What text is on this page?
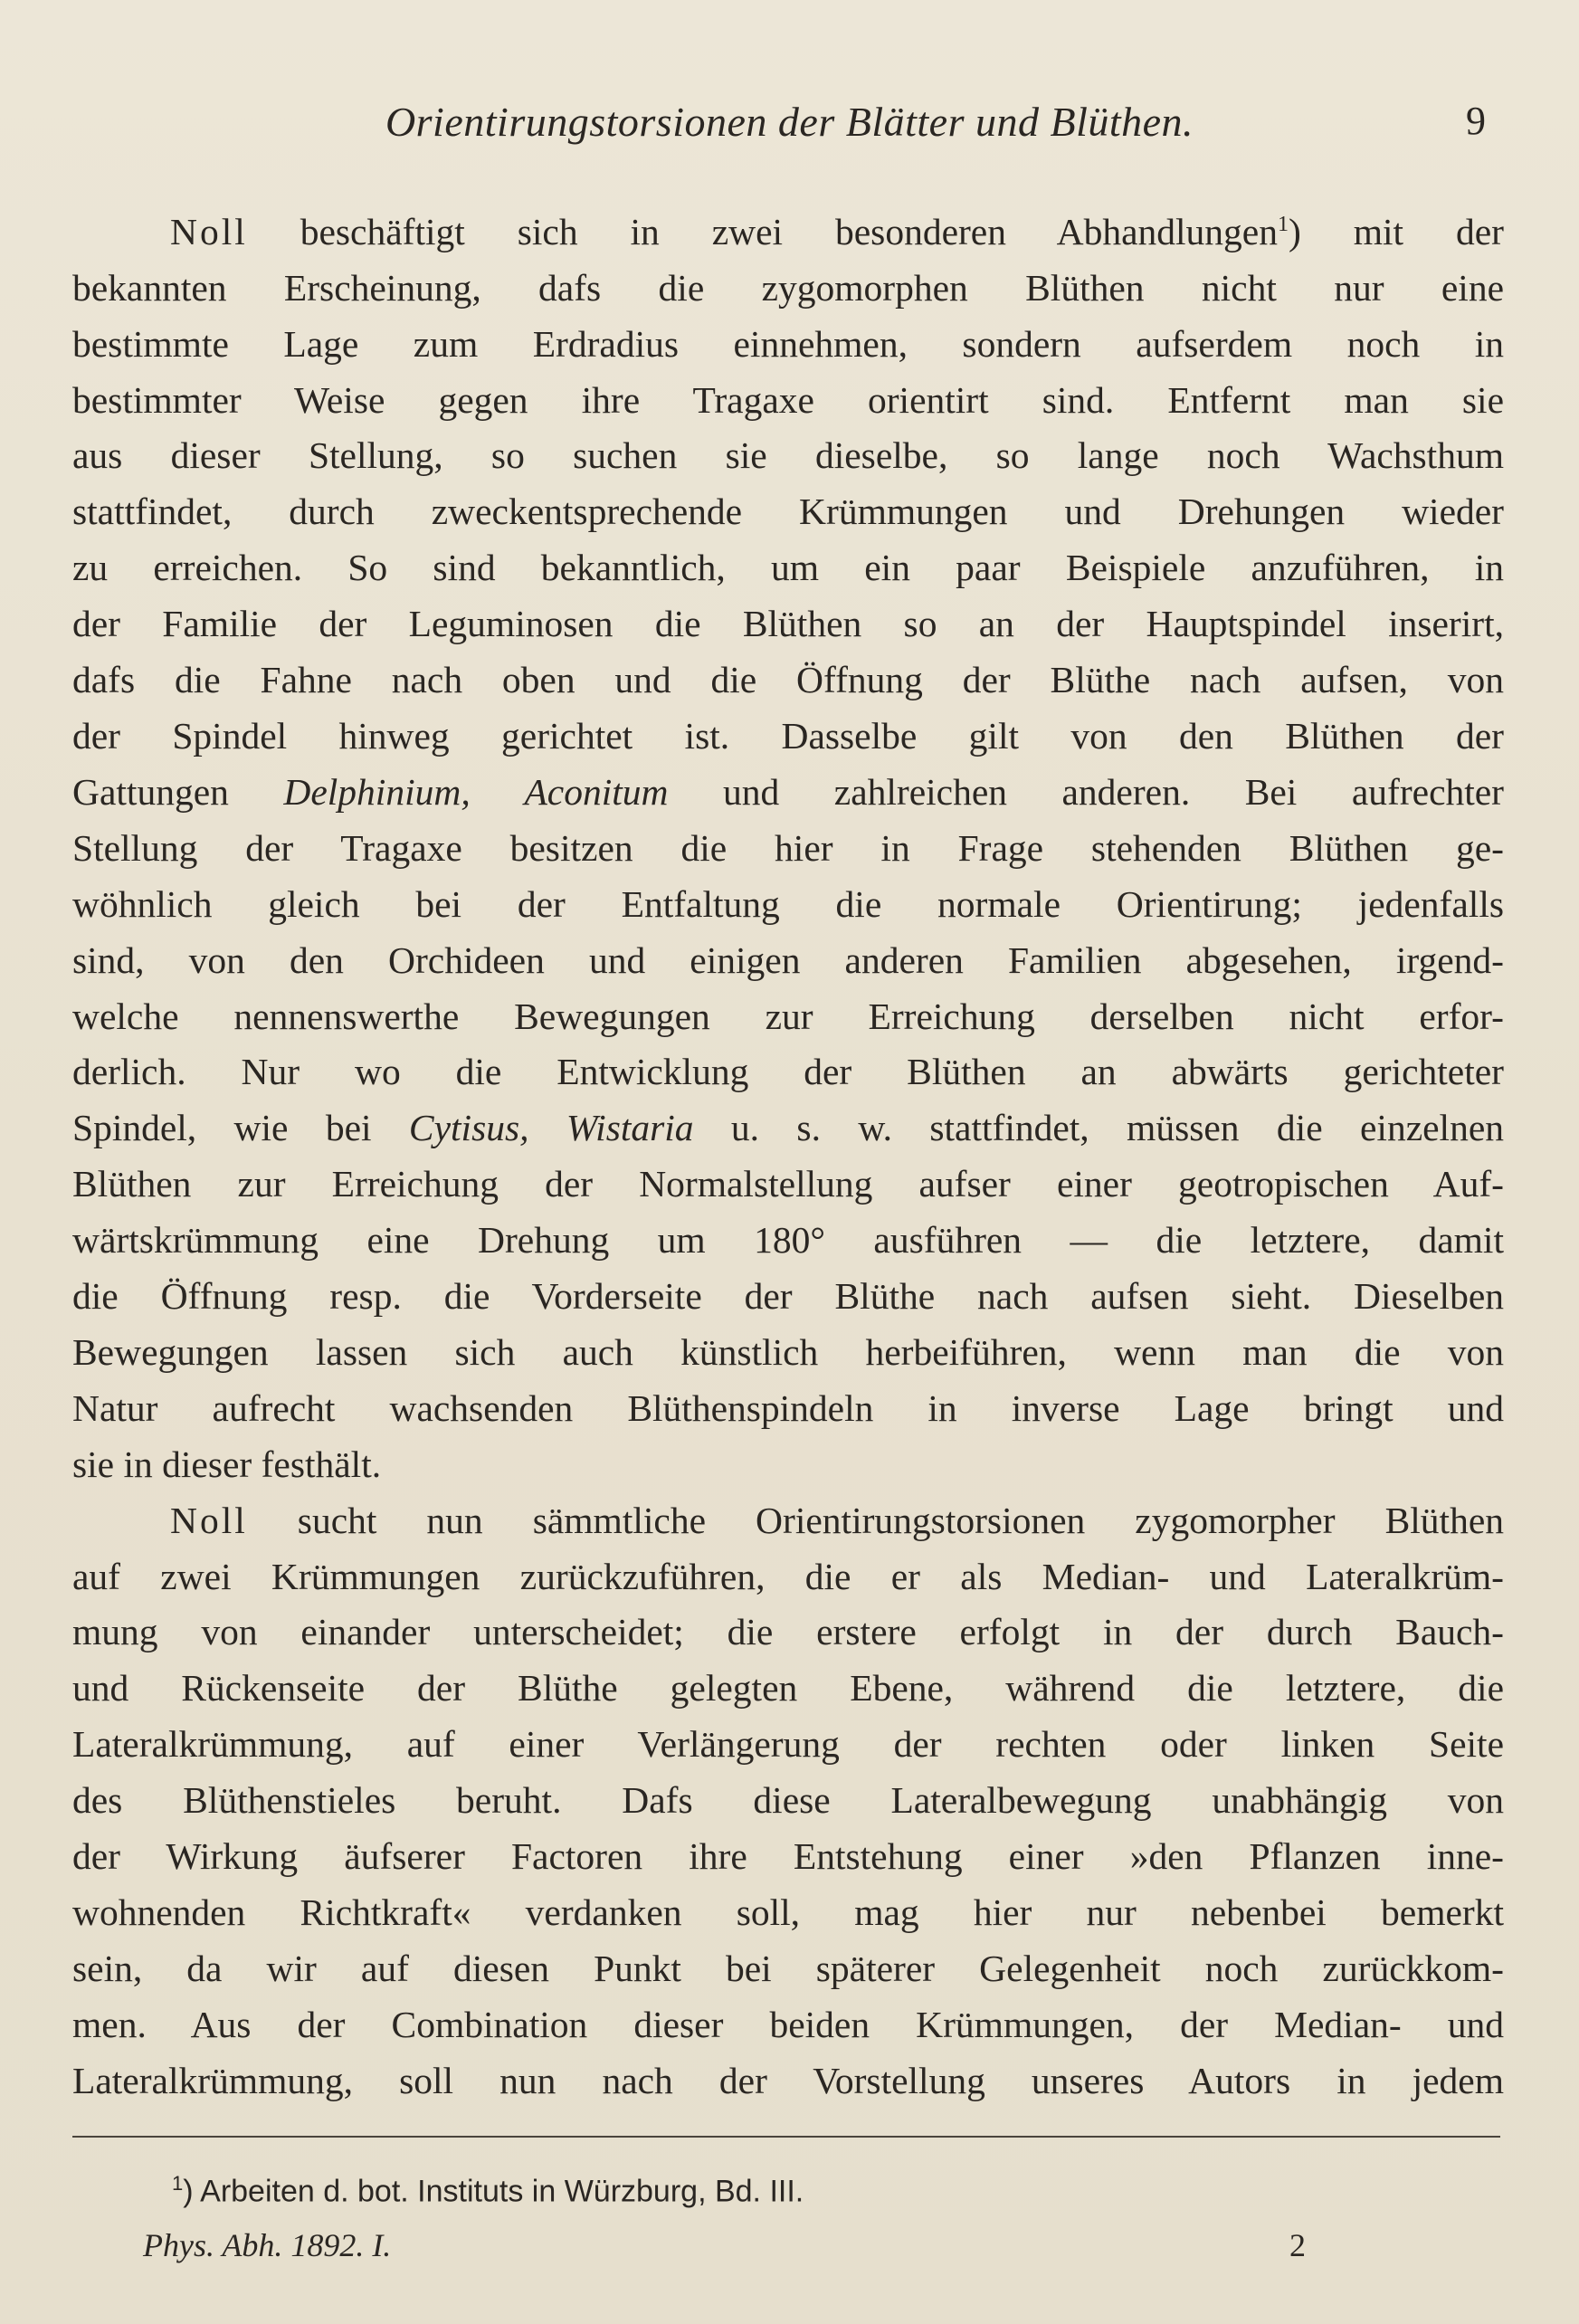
Orientirungstorsionen der Blätter und Blüthen.	9
Noll beschäftigt sich in zwei besonderen Abhandlungen$^1$) mit der
bekannten Erscheinung, dafs die zygomorphen Blüthen nicht nur eine
bestimmte Lage zum Erdradius einnehmen, sondern aufserdem noch in
bestimmter Weise gegen ihre Tragaxe orientirt sind. Entfernt man sie
aus dieser Stellung, so suchen sie dieselbe, so lange noch Wachsthum
stattfindet, durch zweckentsprechende Krümmungen und Drehungen wieder
zu erreichen. So sind bekanntlich, um ein paar Beispiele anzuführen, in
der Familie der Leguminosen die Blüthen so an der Hauptspindel inserirt,
dafs die Fahne nach oben und die Öffnung der Blüthe nach aufsen, von
der Spindel hinweg gerichtet ist. Dasselbe gilt von den Blüthen der
Gattungen Delphinium, Aconitum und zahlreichen anderen. Bei aufrechter
Stellung der Tragaxe besitzen die hier in Frage stehenden Blüthen ge-
wöhnlich gleich bei der Entfaltung die normale Orientirung; jedenfalls
sind, von den Orchideen und einigen anderen Familien abgesehen, irgend-
welche nennenswerthe Bewegungen zur Erreichung derselben nicht erfor-
derlich. Nur wo die Entwicklung der Blüthen an abwärts gerichteter
Spindel, wie bei Cytisus, Wistaria u. s. w. stattfindet, müssen die einzelnen
Blüthen zur Erreichung der Normalstellung aufser einer geotropischen Auf-
wärtskrümmung eine Drehung um 180° ausführen — die letztere, damit
die Öffnung resp. die Vorderseite der Blüthe nach aufsen sieht. Dieselben
Bewegungen lassen sich auch künstlich herbeiführen, wenn man die von
Natur aufrecht wachsenden Blüthenspindeln in inverse Lage bringt und
sie in dieser festhält.
Noll sucht nun sämmtliche Orientirungstorsionen zygomorpher Blüthen
auf zwei Krümmungen zurückzuführen, die er als Median- und Lateralkrüm-
mung von einander unterscheidet; die erstere erfolgt in der durch Bauch-
und Rückenseite der Blüthe gelegten Ebene, während die letztere, die
Lateralkrümmung, auf einer Verlängerung der rechten oder linken Seite
des Blüthenstieles beruht. Dafs diese Lateralbewegung unabhängig von
der Wirkung äufserer Factoren ihre Entstehung einer »den Pflanzen inne-
wohnenden Richtkraft« verdanken soll, mag hier nur nebenbei bemerkt
sein, da wir auf diesen Punkt bei späterer Gelegenheit noch zurückkom-
men. Aus der Combination dieser beiden Krümmungen, der Median- und
Lateralkrümmung, soll nun nach der Vorstellung unseres Autors in jedem
$^1$) Arbeiten d. bot. Instituts in Würzburg, Bd. III.
Phys. Abh. 1892. I.	2
